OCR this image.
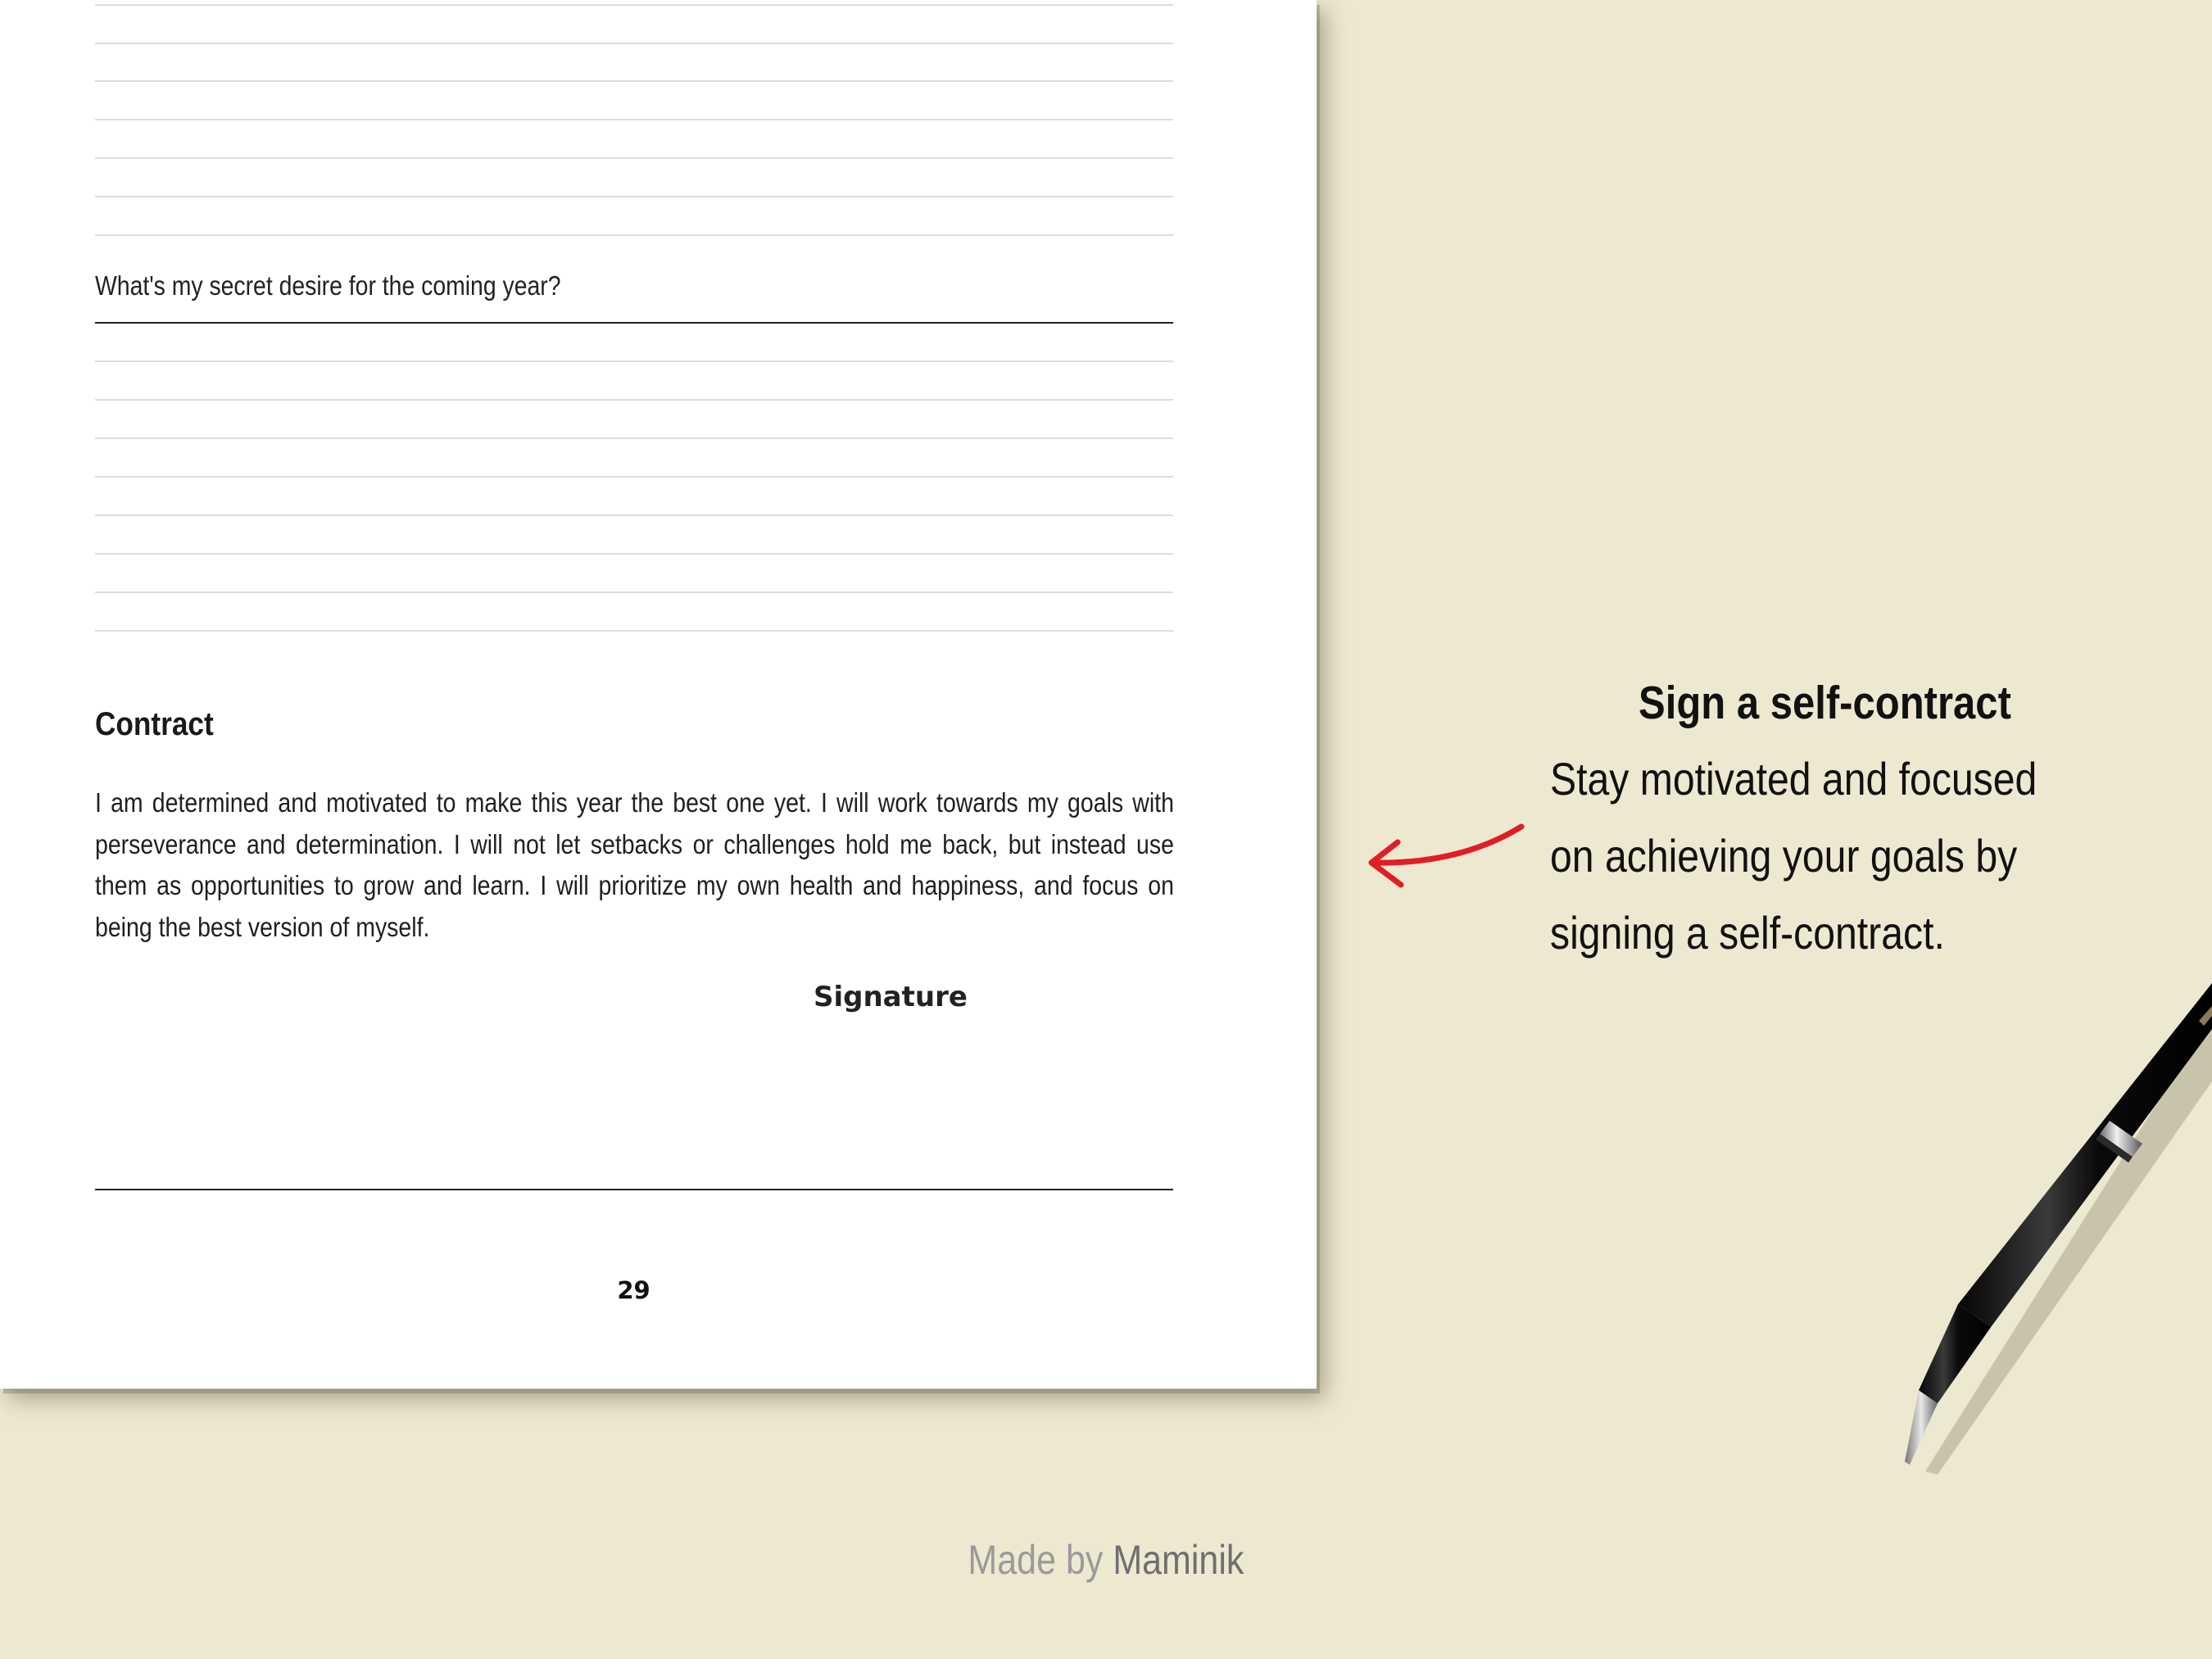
What's my secret desire for the coming year?
Contract
I am determined and motivated to make this year the best one yet. I will work towards my goals with perseverance and determination. I will not let setbacks or challenges hold me back, but instead use them as opportunities to grow and learn. I will prioritize my own health and happiness, and focus on being the best version of myself.
Signature
29
Sign a self-contract
Stay motivated and focused
on achieving your goals by
signing a self-contract.
Made by Maminik
